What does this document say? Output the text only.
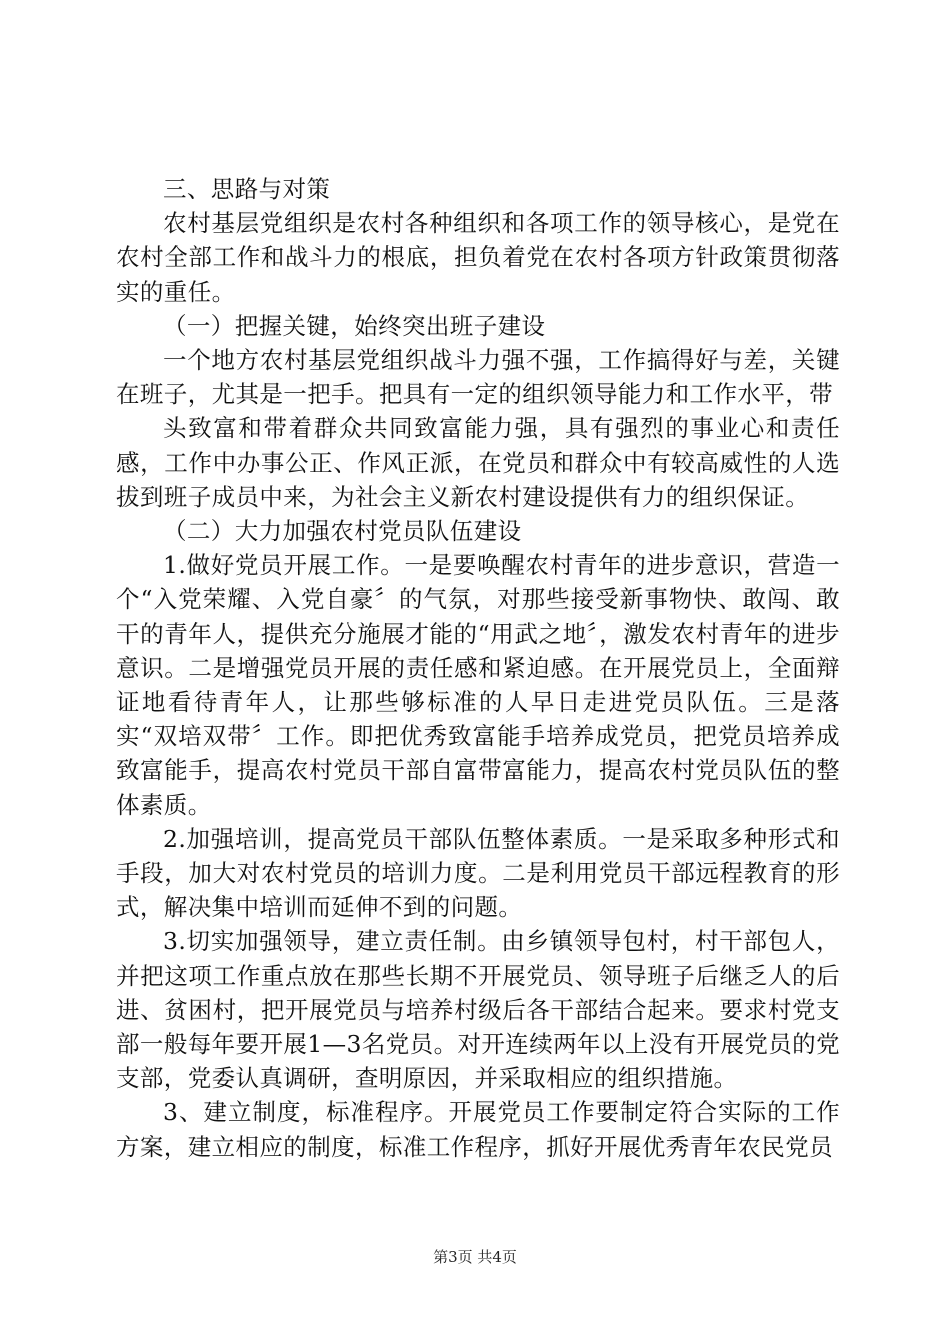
三、思路与对策

农村基层党组织是农村各种组织和各项工作的领导核心，是党在农村全部工作和战斗力的根底，担负着党在农村各项方针政策贯彻落实的重任。

（一）把握关键，始终突出班子建设

一个地方农村基层党组织战斗力强不强，工作搞得好与差，关键在班子，尤其是一把手。把具有一定的组织领导能力和工作水平，带

头致富和带着群众共同致富能力强，具有强烈的事业心和责任感，工作中办事公正、作风正派，在党员和群众中有较高威性的人选拔到班子成员中来，为社会主义新农村建设提供有力的组织保证。

（二）大力加强农村党员队伍建设

1.做好党员开展工作。一是要唤醒农村青年的进步意识，营造一个“入党荣耀、入党自豪〞的气氛，对那些接受新事物快、敢闯、敢干的青年人，提供充分施展才能的“用武之地〞，激发农村青年的进步意识。二是增强党员开展的责任感和紧迫感。在开展党员上，全面辩证地看待青年人，让那些够标准的人早日走进党员队伍。三是落实“双培双带〞工作。即把优秀致富能手培养成党员，把党员培养成致富能手，提高农村党员干部自富带富能力，提高农村党员队伍的整体素质。

2.加强培训，提高党员干部队伍整体素质。一是采取多种形式和手段，加大对农村党员的培训力度。二是利用党员干部远程教育的形式，解决集中培训而延伸不到的问题。

3.切实加强领导，建立责任制。由乡镇领导包村，村干部包人，并把这项工作重点放在那些长期不开展党员、领导班子后继乏人的后进、贫困村，把开展党员与培养村级后各干部结合起来。要求村党支部一般每年要开展1—3名党员。对开连续两年以上没有开展党员的党支部，党委认真调研，查明原因，并采取相应的组织措施。

3、建立制度，标准程序。开展党员工作要制定符合实际的工作方案，建立相应的制度，标准工作程序，抓好开展优秀青年农民党员

第3页 共4页
